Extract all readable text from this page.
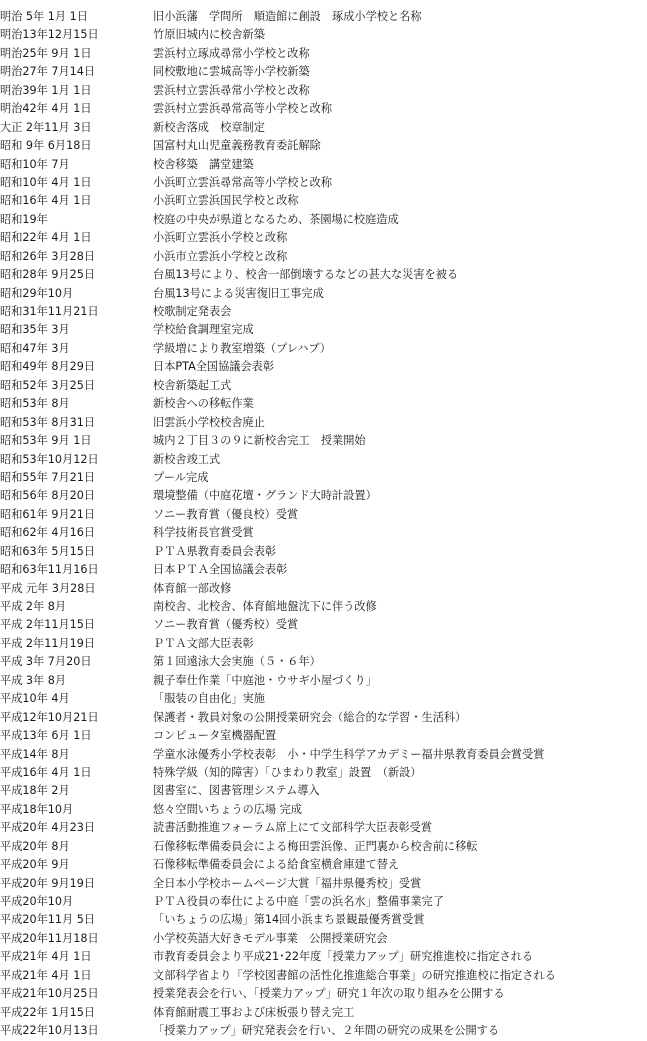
明治 5年 1月 1日	旧小浜藩　学問所　順造館に創設　琢成小学校と名称
明治13年12月15日	竹原旧城内に校舎新築
明治25年 9月 1日	雲浜村立琢成尋常小学校と改称
明治27年 7月14日	同校敷地に雲城高等小学校新築
明治39年 1月 1日	雲浜村立雲浜尋常小学校と改称
明治42年 4月 1日	雲浜村立雲浜尋常高等小学校と改称
大正 2年11月 3日	新校舎落成　校章制定
昭和 9年 6月18日	国富村丸山児童義務教育委託解除
昭和10年 7月	校舎移築　講堂建築
昭和10年 4月 1日	小浜町立雲浜尋常高等小学校と改称
昭和16年 4月 1日	小浜町立雲浜国民学校と改称
昭和19年	校庭の中央が県道となるため、茶園場に校庭造成
昭和22年 4月 1日	小浜町立雲浜小学校と改称
昭和26年 3月28日	小浜市立雲浜小学校と改称
昭和28年 9月25日	台風13号により、校舎一部倒壊するなどの甚大な災害を被る
昭和29年10月	台風13号による災害復旧工事完成
昭和31年11月21日	校歌制定発表会
昭和35年 3月	学校給食調理室完成
昭和47年 3月	学級増により教室増築（プレハブ）
昭和49年 8月29日	日本PTA全国協議会表彰
昭和52年 3月25日	校舎新築起工式
昭和53年 8月	新校舎への移転作業
昭和53年 8月31日	旧雲浜小学校校舎廃止
昭和53年 9月 1日	城内２丁目３の９に新校舎完工　授業開始
昭和53年10月12日	新校舎竣工式
昭和55年 7月21日	プール完成
昭和56年 8月20日	環境整備（中庭花壇・グランド大時計設置）
昭和61年 9月21日	ソニー教育賞（優良校）受賞
昭和62年 4月16日	科学技術長官賞受賞
昭和63年 5月15日	ＰＴＡ県教育委員会表彰
昭和63年11月16日	日本ＰＴＡ全国協議会表彰
平成 元年 3月28日	体育館一部改修
平成 2年 8月	南校舎、北校舎、体育館地盤沈下に伴う改修
平成 2年11月15日	ソニー教育賞（優秀校）受賞
平成 2年11月19日	ＰＴＡ文部大臣表彰
平成 3年 7月20日	第１回遠泳大会実施（５・６年）
平成 3年 8月	親子奉仕作業「中庭池・ウサギ小屋づくり」
平成10年 4月	「服装の自由化」実施
平成12年10月21日	保護者・教員対象の公開授業研究会（総合的な学習・生活科）
平成13年 6月 1日	コンピュータ室機器配置
平成14年 8月	学童水泳優秀小学校表彰　小・中学生科学アカデミー福井県教育委員会賞受賞
平成16年 4月 1日	特殊学級（知的障害）「ひまわり教室」設置　（新設）
平成18年 2月	図書室に、図書管理システム導入
平成18年10月	悠々空間いちょうの広場 完成
平成20年 4月23日	読書活動推進フォーラム席上にて文部科学大臣表彰受賞
平成20年 8月	石像移転準備委員会による梅田雲浜像、正門裏から校舎前に移転
平成20年 9月	石像移転準備委員会による給食室横倉庫建て替え
平成20年 9月19日	全日本小学校ホームページ大賞「福井県優秀校」受賞
平成20年10月	ＰＴＡ役員の奉仕による中庭「雲の浜名水」整備事業完了
平成20年11月 5日	「いちょうの広場」第14回小浜まち景観最優秀賞受賞
平成20年11月18日	小学校英語大好きモデル事業　公開授業研究会
平成21年 4月 1日	市教育委員会より平成21･22年度「授業力アップ」研究推進校に指定される
平成21年 4月 1日	文部科学省より「学校図書館の活性化推進総合事業」の研究推進校に指定される
平成21年10月25日	授業発表会を行い、「授業力アップ」研究１年次の取り組みを公開する
平成22年 1月15日	体育館耐震工事および床板張り替え完工
平成22年10月13日	「授業力アップ」研究発表会を行い、２年間の研究の成果を公開する
